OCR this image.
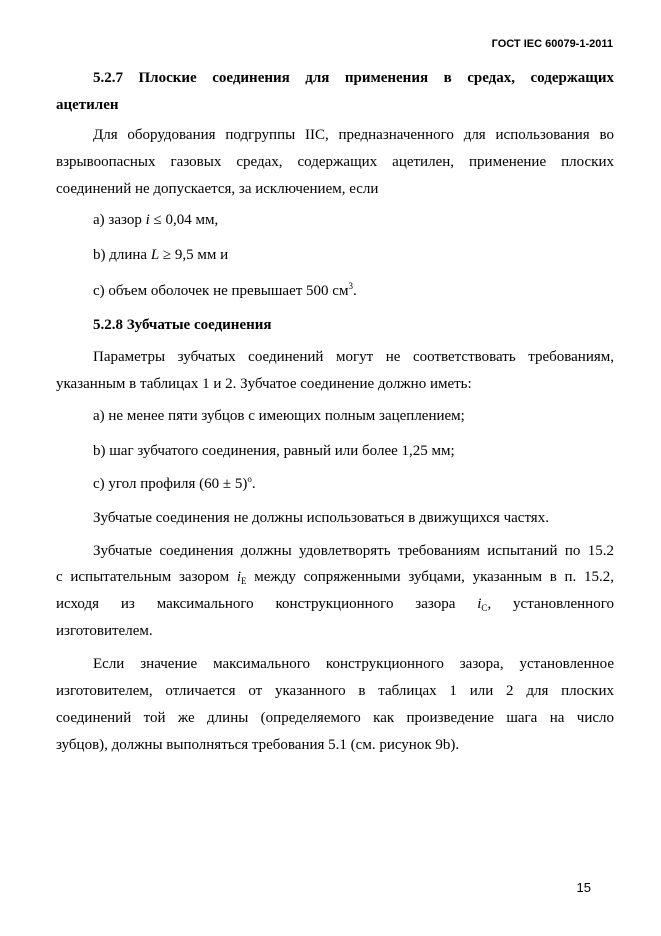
ГОСТ IEC 60079-1-2011
5.2.7 Плоские соединения для применения в средах, содержащих
ацетилен
Для оборудования подгруппы IIC, предназначенного для использования во
взрывоопасных газовых средах, содержащих ацетилен, применение плоских
соединений не допускается, за исключением, если
a) зазор i ≤ 0,04 мм,
b) длина L ≥ 9,5 мм и
c) объем оболочек не превышает 500 $см^3$.
5.2.8 Зубчатые соединения
Параметры зубчатых соединений могут не соответствовать требованиям,
указанным в таблицах 1 и 2. Зубчатое соединение должно иметь:
a) не менее пяти зубцов с имеющих полным зацеплением;
b) шаг зубчатого соединения, равный или более 1,25 мм;
c) угол профиля $(60 \pm 5)^о$.
Зубчатые соединения не должны использоваться в движущихся частях.
Зубчатые соединения должны удовлетворять требованиям испытаний по 15.2
с испытательным зазором $i_E$ между сопряженными зубцами, указанным в п. 15.2,
исходя из максимального конструкционного зазора $i_C$, установленного
изготовителем.
Если значение максимального конструкционного зазора, установленное
изготовителем, отличается от указанного в таблицах 1 или 2 для плоских
соединений той же длины (определяемого как произведение шага на число
зубцов), должны выполняться требования 5.1 (см. рисунок 9b).
15
